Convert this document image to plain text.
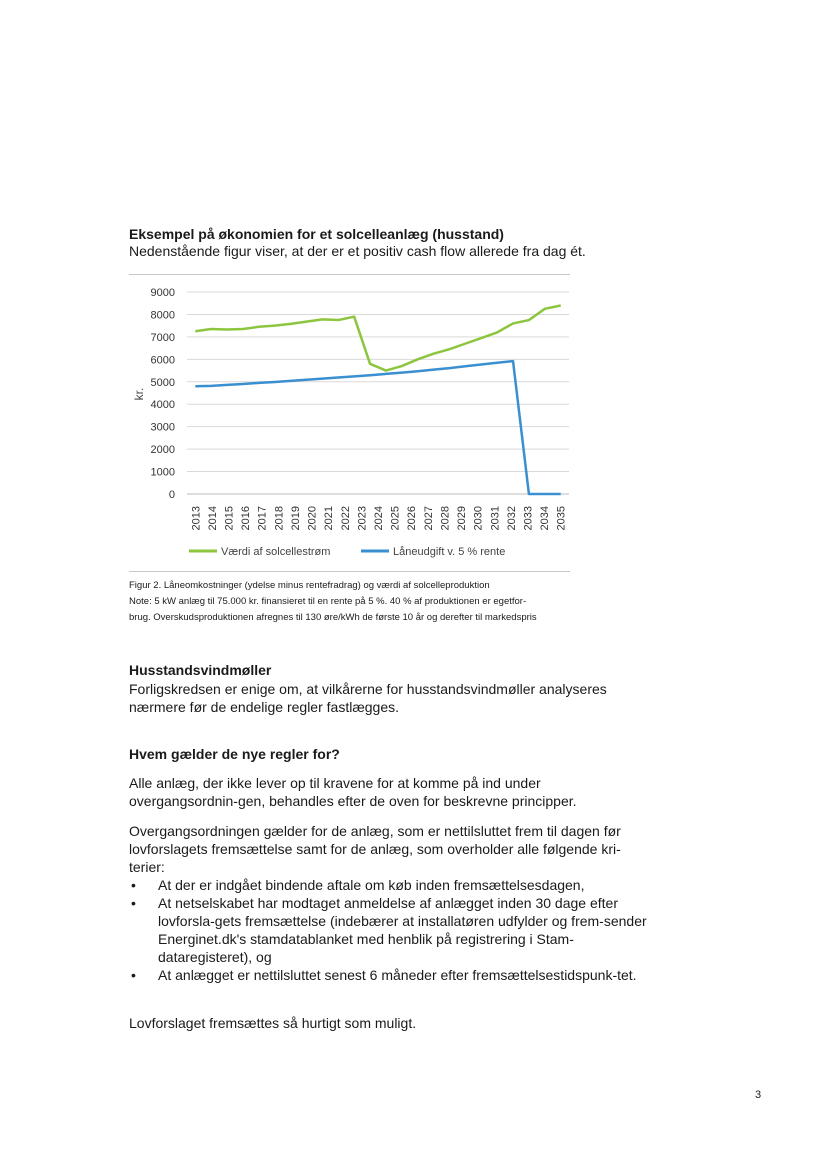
Eksempel på økonomien for et solcelleanlæg (husstand)
Nedenstående figur viser, at der er et positiv cash flow allerede fra dag ét.
0
1000
2000
3000
4000
5000
6000
7000
8000
9000
2013 2014 2015 2016 2017 2018 2019 2020 2021 2022 2023 2024 2025 2026 2027 2028 2029 2030 2031 2032 2033 2034 2035
kr.
Værdi af solcellestrøm	Låneudgift v. 5 % rente
Figur 2. Låneomkostninger (ydelse minus rentefradrag) og værdi af solcelleproduktion
Note: 5 kW anlæg til 75.000 kr. finansieret til en rente på 5 %. 40 % af produktionen er egetfor-
brug. Overskudsproduktionen afregnes til 130 øre/kWh de første 10 år og derefter til markedspris
Husstandsvindmøller
Forligskredsen er enige om, at vilkårerne for husstandsvindmøller analyseres nærmere før de endelige regler fastlægges.
Hvem gælder de nye regler for?
Alle anlæg, der ikke lever op til kravene for at komme på ind under overgangsordnin-gen, behandles efter de oven for beskrevne principper.
Overgangsordningen gælder for de anlæg, som er nettilsluttet frem til dagen før lovforslagets fremsættelse samt for de anlæg, som overholder alle følgende kri-terier:
• At der er indgået bindende aftale om køb inden fremsættelsesdagen,
• At netselskabet har modtaget anmeldelse af anlægget inden 30 dage efter lovforsla-gets fremsættelse (indebærer at installatøren udfylder og frem-sender Energinet.dk's stamdatablanket med henblik på registrering i Stam-dataregisteret), og
• At anlægget er nettilsluttet senest 6 måneder efter fremsættelsestidspunk-tet.
Lovforslaget fremsættes så hurtigt som muligt.
3
